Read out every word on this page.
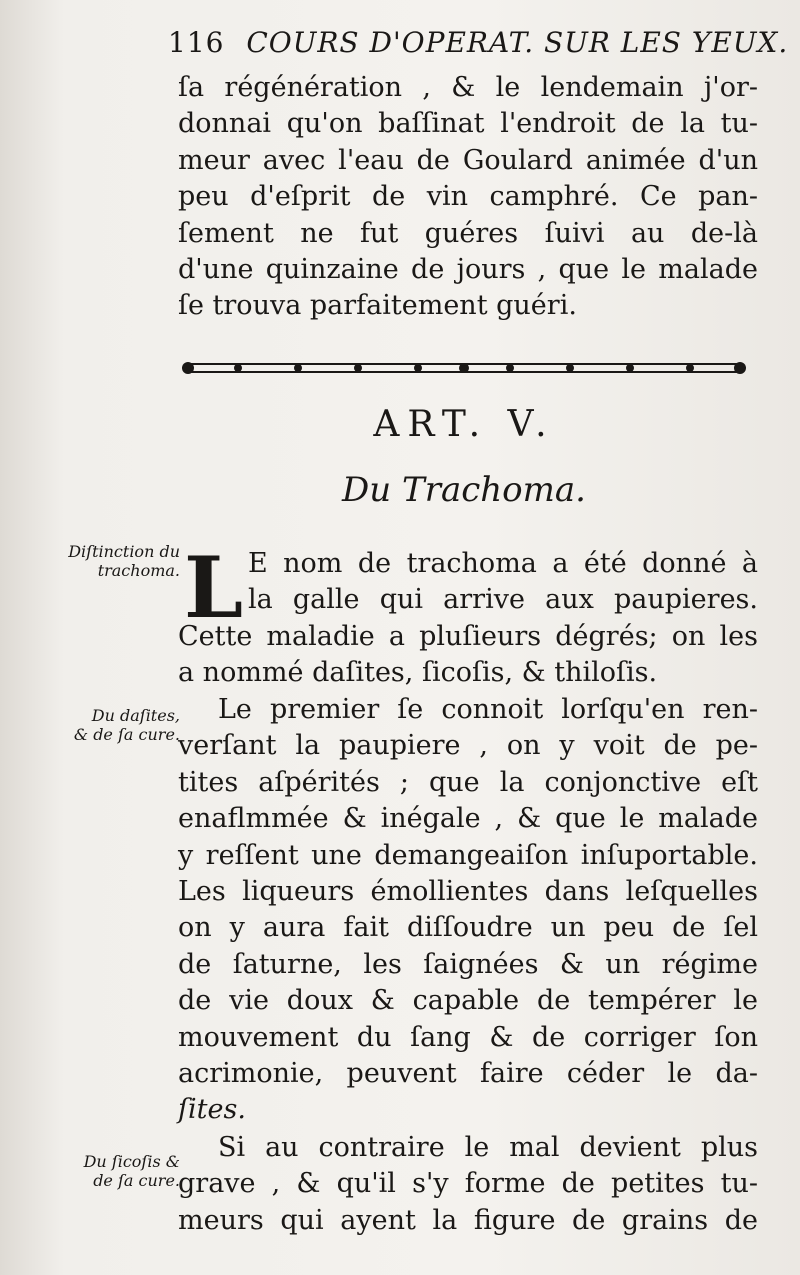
116 COURS D'OPERAT. SUR LES YEUX.
ſa régénération , & le lendemain j'or-
donnai qu'on baſſinat l'endroit de la tu-
meur avec l'eau de Goulard animée d'un
peu d'eſprit de vin camphré. Ce pan-
ſement ne fut guéres ſuivi au de-là
d'une quinzaine de jours , que le malade
ſe trouva parfaitement guéri.
ART. V.
Du Trachoma.
Diſtinction du
trachoma.
Du daſites,
& de ſa cure.
Du ſicoſis &
de ſa cure.
L E nom de trachoma a été donné à
la galle qui arrive aux paupieres.
Cette maladie a pluſieurs dégrés; on les
a nommé daſites, ſicoſis, & thiloſis.
Le premier ſe connoit lorſqu'en ren-
verſant la paupiere , on y voit de pe-
tites aſpérités ; que la conjonctive eſt
enaflmmée & inégale , & que le malade
y reſſent une demangeaiſon inſuportable.
Les liqueurs émollientes dans leſquelles
on y aura fait diſſoudre un peu de ſel
de ſaturne, les ſaignées & un régime
de vie doux & capable de tempérer le
mouvement du ſang & de corriger ſon
acrimonie, peuvent faire céder le da-
ſites.
Si au contraire le mal devient plus
grave , & qu'il s'y forme de petites tu-
meurs qui ayent la figure de grains de
